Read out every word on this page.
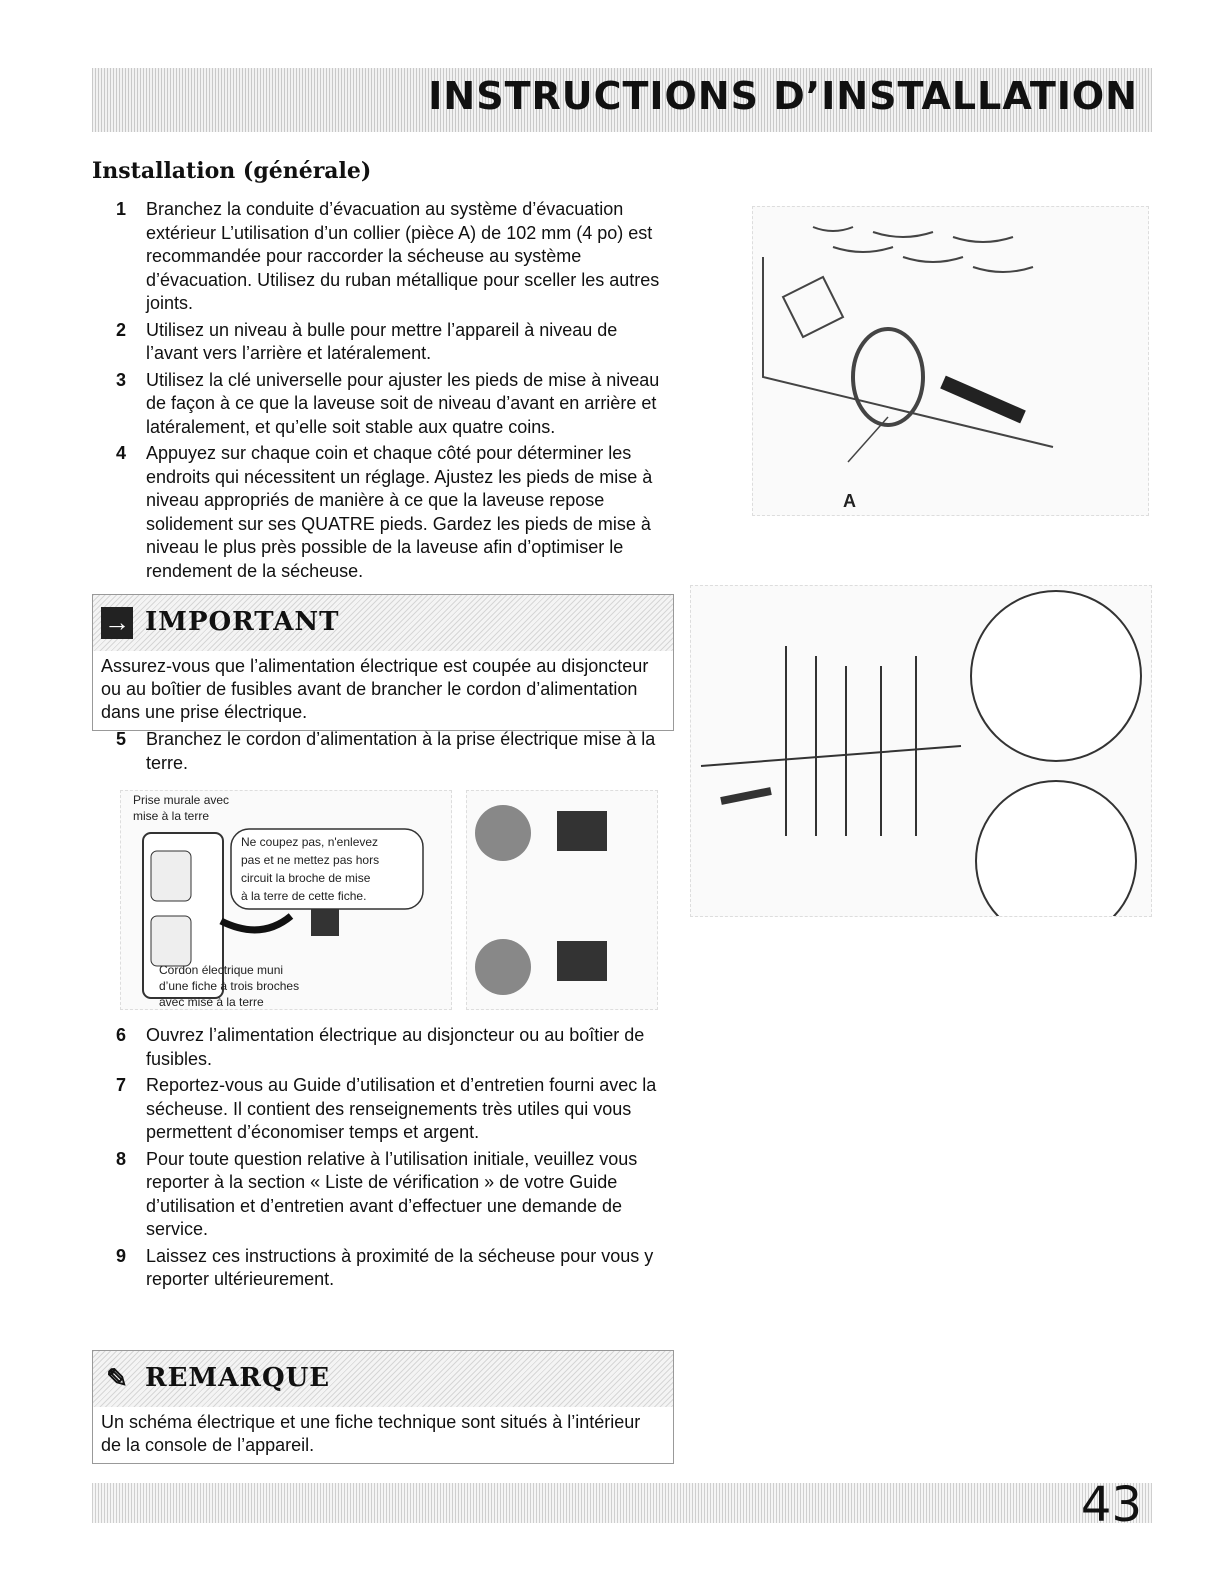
INSTRUCTIONS D’INSTALLATION
Installation (générale)
1 Branchez la conduite d’évacuation au système d’évacuation extérieur L’utilisation d’un collier (pièce A) de 102 mm (4 po) est recommandée pour raccorder la sécheuse au système d’évacuation. Utilisez du ruban métallique pour sceller les autres joints.
2 Utilisez un niveau à bulle pour mettre l’appareil à niveau de l’avant vers l’arrière et latéralement.
3 Utilisez la clé universelle pour ajuster les pieds de mise à niveau de façon à ce que la laveuse soit de niveau d’avant en arrière et latéralement, et qu’elle soit stable aux quatre coins.
4 Appuyez sur chaque coin et chaque côté pour déterminer les endroits qui nécessitent un réglage. Ajustez les pieds de mise à niveau appropriés de manière à ce que la laveuse repose solidement sur ses QUATRE pieds. Gardez les pieds de mise à niveau le plus près possible de la laveuse afin d’optimiser le rendement de la sécheuse.
A
→ IMPORTANT
Assurez-vous que l’alimentation électrique est coupée au disjoncteur ou au boîtier de fusibles avant de brancher le cordon d’alimentation dans une prise électrique.
5 Branchez le cordon d’alimentation à la prise électrique mise à la terre.
Prise murale avec
mise à la terre
Ne coupez pas, n'enlevez
pas et ne mettez pas hors
circuit la broche de mise
à la terre de cette fiche.
Cordon électrique muni
d’une fiche à trois broches
avec mise à la terre
6 Ouvrez l’alimentation électrique au disjoncteur ou au boîtier de fusibles.
7 Reportez-vous au Guide d’utilisation et d’entretien fourni avec la sécheuse. Il contient des renseignements très utiles qui vous permettent d’économiser temps et argent.
8 Pour toute question relative à l’utilisation initiale, veuillez vous reporter à la section « Liste de vérification » de votre Guide d’utilisation et d’entretien avant d’effectuer une demande de service.
9 Laissez ces instructions à proximité de la sécheuse pour vous y reporter ultérieurement.
✎ REMARQUE
Un schéma électrique et une fiche technique sont situés à l’intérieur de la console de l’appareil.
43
